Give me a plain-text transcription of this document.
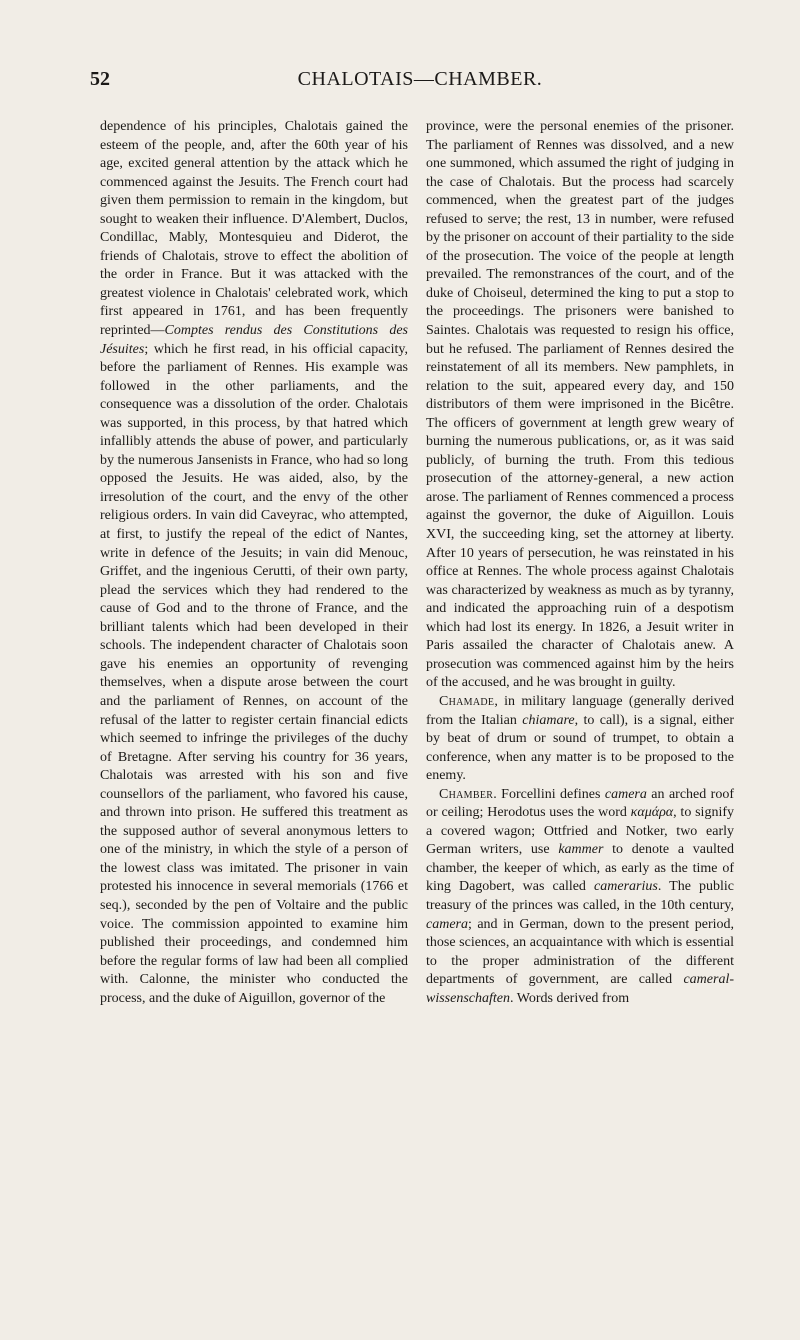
52	CHALOTAIS—CHAMBER.

dependence of his principles, Chalotais gained the esteem of the people, and, after the 60th year of his age, excited general attention by the attack which he commenced against the Jesuits. The French court had given them permission to remain in the kingdom, but sought to weaken their influence. D'Alembert, Duclos, Condillac, Mably, Montesquieu and Diderot, the friends of Chalotais, strove to effect the abolition of the order in France. But it was attacked with the greatest violence in Chalotais' celebrated work, which first appeared in 1761, and has been frequently reprinted—Comptes rendus des Constitutions des Jésuites; which he first read, in his official capacity, before the parliament of Rennes. His example was followed in the other parliaments, and the consequence was a dissolution of the order. Chalotais was supported, in this process, by that hatred which infallibly attends the abuse of power, and particularly by the numerous Jansenists in France, who had so long opposed the Jesuits. He was aided, also, by the irresolution of the court, and the envy of the other religious orders. In vain did Caveyrac, who attempted, at first, to justify the repeal of the edict of Nantes, write in defence of the Jesuits; in vain did Menouc, Griffet, and the ingenious Cerutti, of their own party, plead the services which they had rendered to the cause of God and to the throne of France, and the brilliant talents which had been developed in their schools. The independent character of Chalotais soon gave his enemies an opportunity of revenging themselves, when a dispute arose between the court and the parliament of Rennes, on account of the refusal of the latter to register certain financial edicts which seemed to infringe the privileges of the duchy of Bretagne. After serving his country for 36 years, Chalotais was arrested with his son and five counsellors of the parliament, who favored his cause, and thrown into prison. He suffered this treatment as the supposed author of several anonymous letters to one of the ministry, in which the style of a person of the lowest class was imitated. The prisoner in vain protested his innocence in several memorials (1766 et seq.), seconded by the pen of Voltaire and the public voice. The commission appointed to examine him published their proceedings, and condemned him before the regular forms of law had been all complied with. Calonne, the minister who conducted the process, and the duke of Aiguillon, governor of the

province, were the personal enemies of the prisoner. The parliament of Rennes was dissolved, and a new one summoned, which assumed the right of judging in the case of Chalotais. But the process had scarcely commenced, when the greatest part of the judges refused to serve; the rest, 13 in number, were refused by the prisoner on account of their partiality to the side of the prosecution. The voice of the people at length prevailed. The remonstrances of the court, and of the duke of Choiseul, determined the king to put a stop to the proceedings. The prisoners were banished to Saintes. Chalotais was requested to resign his office, but he refused. The parliament of Rennes desired the reinstatement of all its members. New pamphlets, in relation to the suit, appeared every day, and 150 distributors of them were imprisoned in the Bicêtre. The officers of government at length grew weary of burning the numerous publications, or, as it was said publicly, of burning the truth. From this tedious prosecution of the attorney-general, a new action arose. The parliament of Rennes commenced a process against the governor, the duke of Aiguillon. Louis XVI, the succeeding king, set the attorney at liberty. After 10 years of persecution, he was reinstated in his office at Rennes. The whole process against Chalotais was characterized by weakness as much as by tyranny, and indicated the approaching ruin of a despotism which had lost its energy. In 1826, a Jesuit writer in Paris assailed the character of Chalotais anew. A prosecution was commenced against him by the heirs of the accused, and he was brought in guilty.

Chamade, in military language (generally derived from the Italian chiamare, to call), is a signal, either by beat of drum or sound of trumpet, to obtain a conference, when any matter is to be proposed to the enemy.

Chamber. Forcellini defines camera an arched roof or ceiling; Herodotus uses the word καμάρα, to signify a covered wagon; Ottfried and Notker, two early German writers, use kammer to denote a vaulted chamber, the keeper of which, as early as the time of king Dagobert, was called camerarius. The public treasury of the princes was called, in the 10th century, camera; and in German, down to the present period, those sciences, an acquaintance with which is essential to the proper administration of the different departments of government, are called cameral-wissenschaften. Words derived from
